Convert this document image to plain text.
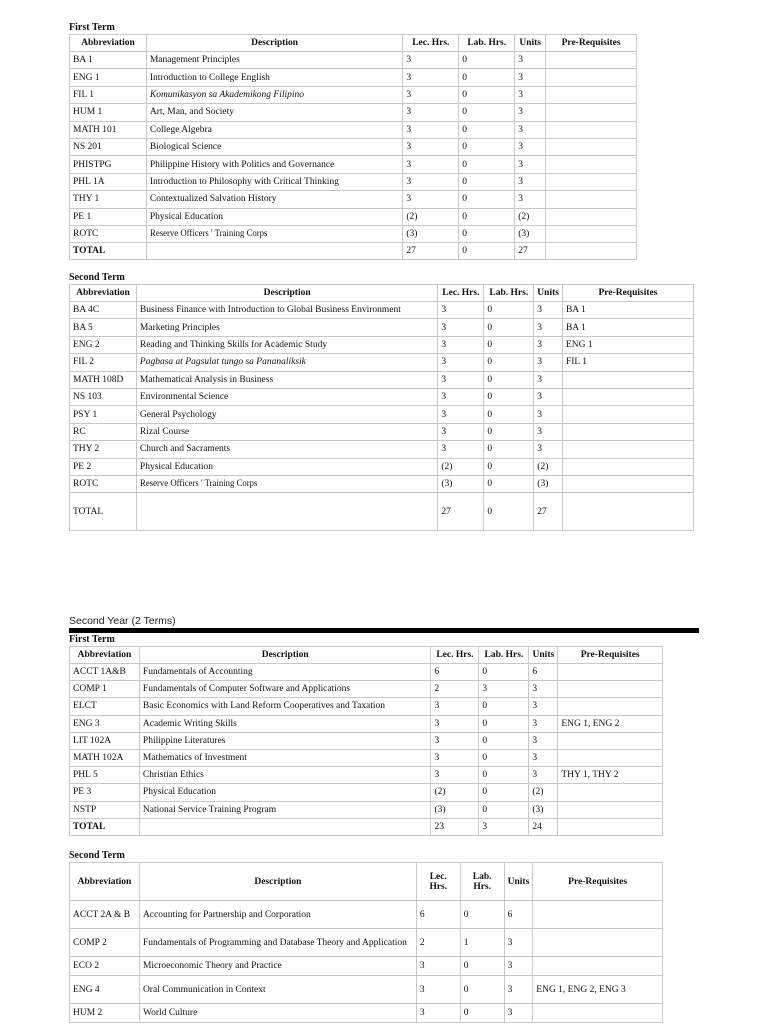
First Term
Abbreviation	Description	Lec. Hrs.	Lab. Hrs.	Units	Pre-Requisites
BA 1	Management Principles	3	0	3	
ENG 1	Introduction to College English	3	0	3	
FIL 1	Komunikasyon sa Akademikong Filipino	3	0	3	
HUM 1	Art, Man, and Society	3	0	3	
MATH 101	College Algebra	3	0	3	
NS 201	Biological Science	3	0	3	
PHISTPG	Philippine History with Politics and Governance	3	0	3	
PHL 1A	Introduction to Philosophy with Critical Thinking	3	0	3	
THY 1	Contextualized Salvation History	3	0	3	
PE 1	Physical Education	(2)	0	(2)	
ROTC	Reserve Officers ' Training Corps	(3)	0	(3)	
TOTAL		27	0	27	
Second Term
Abbreviation	Description	Lec. Hrs.	Lab. Hrs.	Units	Pre-Requisites
BA 4C	Business Finance with Introduction to Global Business Environment	3	0	3	BA 1
BA 5	Marketing Principles	3	0	3	BA 1
ENG 2	Reading and Thinking Skills for Academic Study	3	0	3	ENG 1
FIL 2	Pagbasa at Pagsulat tungo sa Pananaliksik	3	0	3	FIL 1
MATH 108D	Mathematical Analysis in Business	3	0	3	
NS 103	Environmental Science	3	0	3	
PSY 1	General Psychology	3	0	3	
RC	Rizal Course	3	0	3	
THY 2	Church and Sacraments	3	0	3	
PE 2	Physical Education	(2)	0	(2)	
ROTC	Reserve Officers ' Training Corps	(3)	0	(3)	
TOTAL		27	0	27	
Second Year (2 Terms)
First Term
Abbreviation	Description	Lec. Hrs.	Lab. Hrs.	Units	Pre-Requisites
ACCT 1A&B	Fundamentals of Accounting	6	0	6	
COMP 1	Fundamentals of Computer Software and Applications	2	3	3	
ELCT	Basic Economics with Land Reform Cooperatives and Taxation	3	0	3	
ENG 3	Academic Writing Skills	3	0	3	ENG 1, ENG 2
LIT 102A	Philippine Literatures	3	0	3	
MATH 102A	Mathematics of Investment	3	0	3	
PHL 5	Christian Ethics	3	0	3	THY 1, THY 2
PE 3	Physical Education	(2)	0	(2)	
NSTP	National Service Training Program	(3)	0	(3)	
TOTAL		23	3	24	
Second Term
Abbreviation	Description	Lec. Hrs.	Lab. Hrs.	Units	Pre-Requisites
ACCT 2A & B	Accounting for Partnership and Corporation	6	0	6	
COMP 2	Fundamentals of Programming and Database Theory and Application	2	1	3	
ECO 2	Microeconomic Theory and Practice	3	0	3	
ENG 4	Oral Communication in Context	3	0	3	ENG 1, ENG 2, ENG 3
HUM 2	World Culture	3	0	3	
